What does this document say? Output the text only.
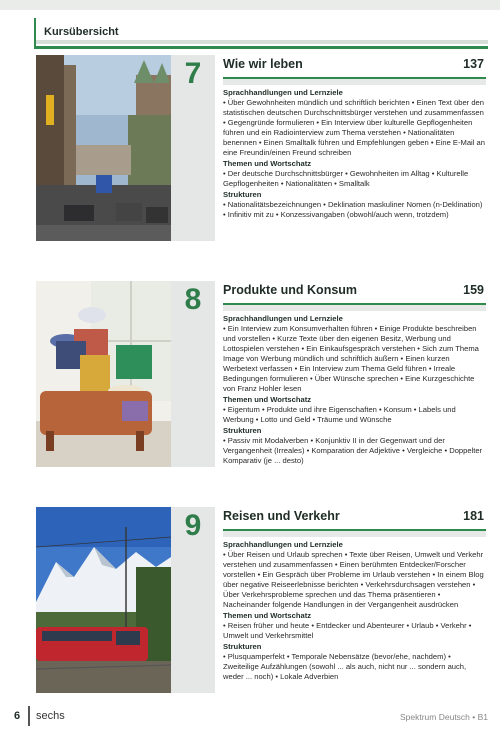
Kursübersicht
7	Wie wir leben	137
Sprachhandlungen und Lernziele
• Über Gewohnheiten mündlich und schriftlich berichten • Einen Text über den statistischen deutschen Durchschnittsbürger verstehen und zusammenfassen • Gegengründe formulieren • Ein Interview über kulturelle Gepflogenheiten führen und ein Radiointerview zum Thema verstehen • Nationalitäten benennen • Einen Smalltalk führen und Empfehlungen geben • Eine E-Mail an eine Freundin/einen Freund schreiben
Themen und Wortschatz
• Der deutsche Durchschnittsbürger • Gewohnheiten im Alltag • Kulturelle Gepflogenheiten • Nationalitäten • Smalltalk
Strukturen
• Nationalitätsbezeichnungen • Deklination maskuliner Nomen (n-Deklination) • Infinitiv mit zu • Konzessivangaben (obwohl/auch wenn, trotzdem)
8	Produkte und Konsum	159
Sprachhandlungen und Lernziele
• Ein Interview zum Konsumverhalten führen • Einige Produkte beschreiben und vorstellen • Kurze Texte über den eigenen Besitz, Werbung und Lottospielen verstehen • Ein Einkaufsgespräch verstehen • Sich zum Thema Image von Werbung mündlich und schriftlich äußern • Einen kurzen Werbetext verfassen • Ein Interview zum Thema Geld führen • Irreale Bedingungen formulieren • Über Wünsche sprechen • Eine Kurzgeschichte von Franz Hohler lesen
Themen und Wortschatz
• Eigentum • Produkte und ihre Eigenschaften • Konsum • Labels und Werbung • Lotto und Geld • Träume und Wünsche
Strukturen
• Passiv mit Modalverben • Konjunktiv II in der Gegenwart und der Vergangenheit (Irreales) • Komparation der Adjektive • Vergleiche • Doppelter Komparativ (je ... desto)
9	Reisen und Verkehr	181
Sprachhandlungen und Lernziele
• Über Reisen und Urlaub sprechen • Texte über Reisen, Umwelt und Verkehr verstehen und zusammenfassen • Einen berühmten Entdecker/Forscher vorstellen • Ein Gespräch über Probleme im Urlaub verstehen • In einem Blog über negative Reiseerlebnisse berichten • Verkehrsdurchsagen verstehen • Über Verkehrsprobleme sprechen und das Thema präsentieren • Nacheinander folgende Handlungen in der Vergangenheit ausdrücken
Themen und Wortschatz
• Reisen früher und heute • Entdecker und Abenteurer • Urlaub • Verkehr • Umwelt und Verkehrsmittel
Strukturen
• Plusquamperfekt • Temporale Nebensätze (bevor/ehe, nachdem) • Zweiteilige Aufzählungen (sowohl ... als auch, nicht nur ... sondern auch, weder ... noch) • Lokale Adverbien
6 sechs	Spektrum Deutsch • B1
